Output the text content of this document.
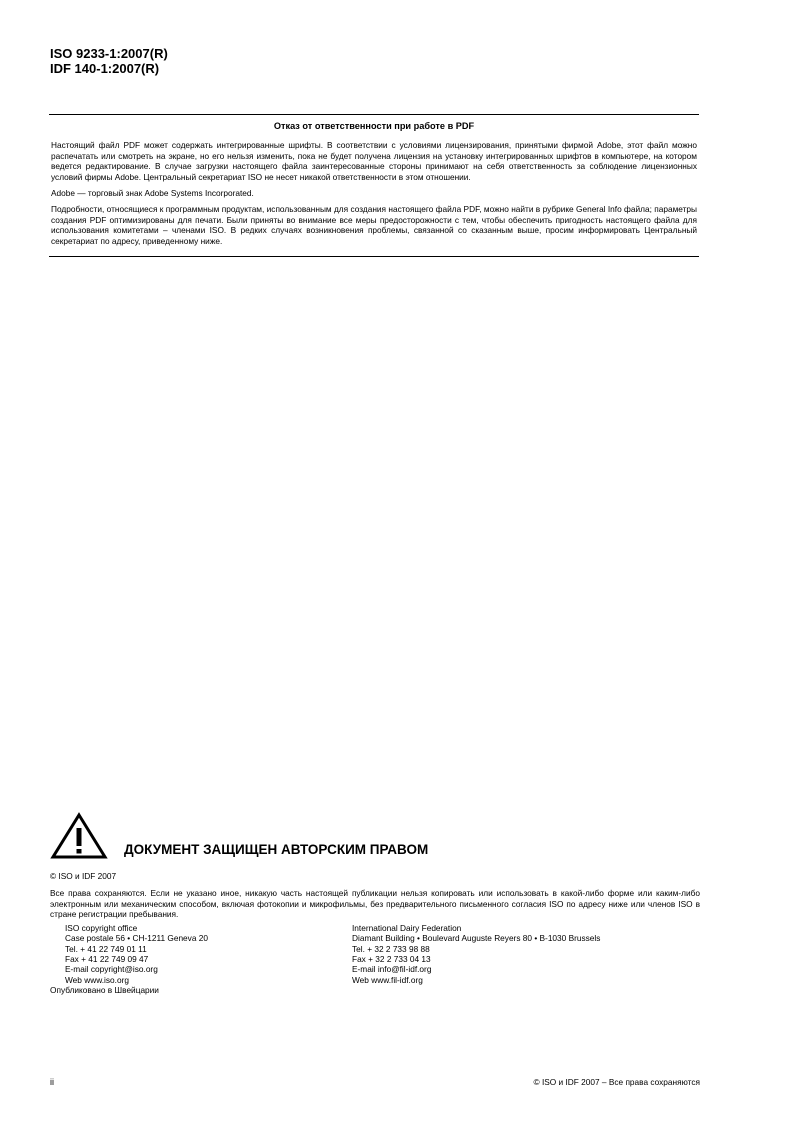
ISO 9233-1:2007(R)
IDF 140-1:2007(R)
Отказ от ответственности при работе в PDF

Настоящий файл PDF может содержать интегрированные шрифты. В соответствии с условиями лицензирования, принятыми фирмой Adobe, этот файл можно распечатать или смотреть на экране, но его нельзя изменить, пока не будет получена лицензия на установку интегрированных шрифтов в компьютере, на котором ведется редактирование. В случае загрузки настоящего файла заинтересованные стороны принимают на себя ответственность за соблюдение лицензионных условий фирмы Adobe. Центральный секретариат ISO не несет никакой ответственности в этом отношении.

Adobe — торговый знак Adobe Systems Incorporated.

Подробности, относящиеся к программным продуктам, использованным для создания настоящего файла PDF, можно найти в рубрике General Info файла; параметры создания PDF оптимизированы для печати. Были приняты во внимание все меры предосторожности с тем, чтобы обеспечить пригодность настоящего файла для использования комитетами – членами ISO. В редких случаях возникновения проблемы, связанной со сказанным выше, просим информировать Центральный секретариат по адресу, приведенному ниже.

ДОКУМЕНТ ЗАЩИЩЕН АВТОРСКИМ ПРАВОМ

© ISO и IDF 2007

Все права сохраняются. Если не указано иное, никакую часть настоящей публикации нельзя копировать или использовать в какой-либо форме или каким-либо электронным или механическим способом, включая фотокопии и микрофильмы, без предварительного письменного согласия ISO по адресу ниже или членов ISO в стране регистрации пребывания.

ISO copyright office
Case postale 56 • CH-1211 Geneva 20
Tel. + 41 22 749 01 11
Fax + 41 22 749 09 47
E-mail copyright@iso.org
Web www.iso.org
International Dairy Federation
Diamant Building • Boulevard Auguste Reyers 80 • B-1030 Brussels
Tel. + 32 2 733 98 88
Fax + 32 2 733 04 13
E-mail info@fil-idf.org
Web www.fil-idf.org

Опубликовано в Швейцарии

ii	© ISO и IDF 2007 – Все права сохраняются
